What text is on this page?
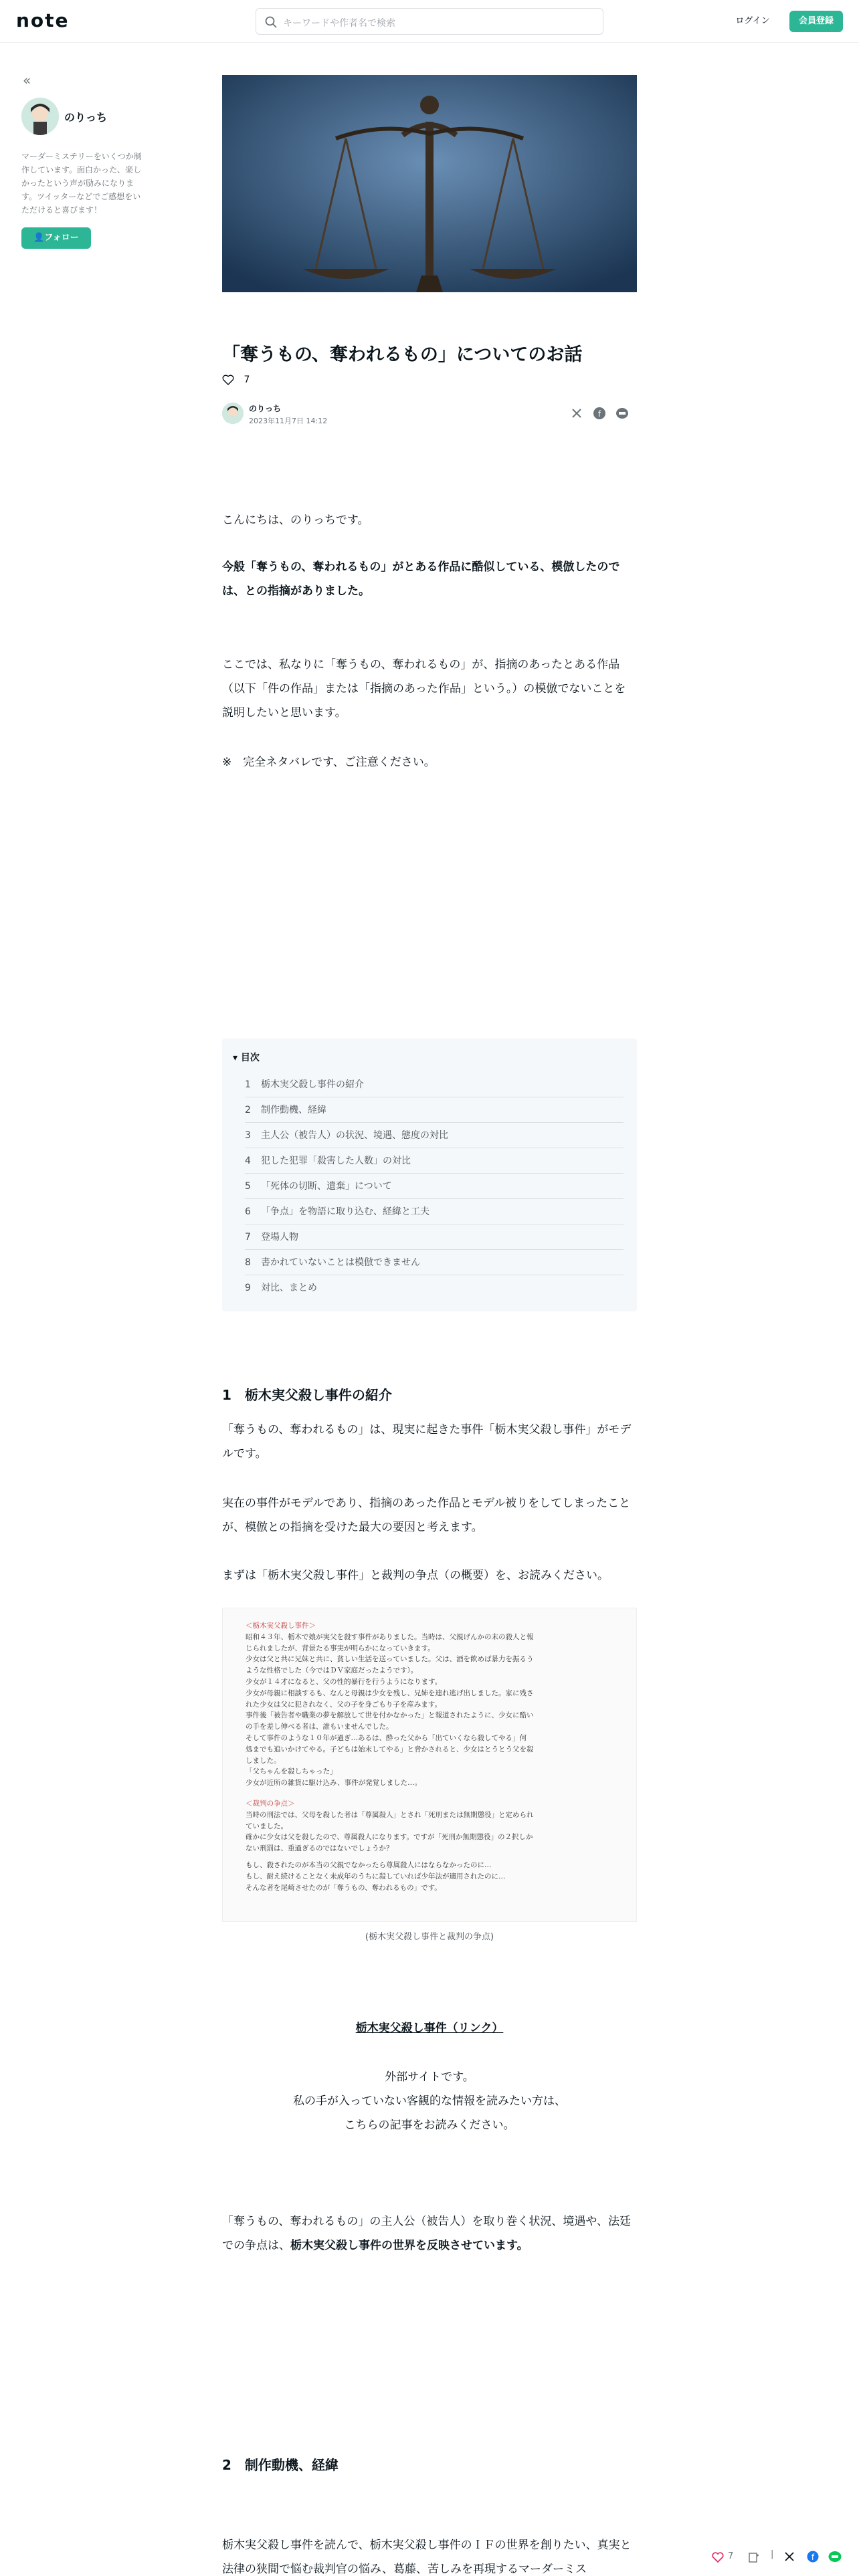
note	キーワードや作者名で検索	ログイン	会員登録
«
のりっち
マーダーミステリーをいくつか制作しています。面白かった、楽しかったという声が励みになります。ツイッターなどでご感想をいただけると喜びます！
👤フォロー
「奪うもの、奪われるもの」についてのお話
7
のりっち
2023年11月7日 14:12
f

こんにちは、のりっちです。

今般「奪うもの、奪われるもの」がとある作品に酷似している、模倣したのでは、との指摘がありました。

ここでは、私なりに「奪うもの、奪われるもの」が、指摘のあったとある作品（以下「件の作品」または「指摘のあった作品」という。）の模倣でないことを説明したいと思います。

※　完全ネタバレです、ご注意ください。

▾ 目次
1 栃木実父殺し事件の紹介
2 制作動機、経緯
3 主人公（被告人）の状況、境遇、態度の対比
4 犯した犯罪「殺害した人数」の対比
5 「死体の切断、遺棄」について
6 「争点」を物語に取り込む、経緯と工夫
7 登場人物
8 書かれていないことは模倣できません
9 対比、まとめ
1　栃木実父殺し事件の紹介

「奪うもの、奪われるもの」は、現実に起きた事件「栃木実父殺し事件」がモデルです。

実在の事件がモデルであり、指摘のあった作品とモデル被りをしてしまったことが、模倣との指摘を受けた最大の要因と考えます。

まずは「栃木実父殺し事件」と裁判の争点（の概要）を、お読みください。

＜栃木実父殺し事件＞
昭和４３年、栃木で娘が実父を殺す事件がありました。当時は、父親げんかの末の殺人と報
じられましたが、背景たる事実が明らかになっていきます。
少女は父と共に兄妹と共に、貧しい生活を送っていました。父は、酒を飲めば暴力を振るう
ような性格でした（今ではＤＶ家庭だったようです）。
少女が１４才になると、父の性的暴行を行うようになります。
少女が母親に相談するも、なんと母親は少女を残し、兄姉を連れ逃げ出しました。家に残さ
れた少女は父に犯されなく、父の子を身ごもり子を産みます。
事件後「被告者や職業の夢を解放して世を付かなかった」と報道されたように、少女に酷い
の手を差し伸べる者は、誰もいませんでした。
そして事件のような１０年が過ぎ…あるは、酔った父から「出ていくなら殺してやる」何
処までも追いかけてやる。子どもは始末してやる」と脅かされると、少女はとうとう父を殺
しました。
「父ちゃんを殺しちゃった」
少女が近所の雑貨に駆け込み、事件が発覚しました…。
＜裁判の争点＞
当時の刑法では、父母を殺した者は「尊属殺人」とされ「死刑または無期懲役」と定められ
ていました。
確かに少女は父を殺したので、尊属殺人になります。ですが「死刑か無期懲役」の２択しか
ない刑罰は、重過ぎるのではないでしょうか？
もし、殺されたのが本当の父親でなかったら尊属殺人にはならなかったのに…
もし、耐え続けることなく未成年のうちに殺していれば少年法が適用されたのに…
そんな者を尾崎させたのが「奪うもの、奪われるもの」です。
(栃木実父殺し事件と裁判の争点)
栃木実父殺し事件（リンク）

外部サイトです。

私の手が入っていない客観的な情報を読みたい方は、

こちらの記事をお読みください。

「奪うもの、奪われるもの」の主人公（被告人）を取り巻く状況、境遇や、法廷での争点は、栃木実父殺し事件の世界を反映させています。

2　制作動機、経緯

栃木実父殺し事件を読んで、栃木実父殺し事件のＩＦの世界を創りたい、真実と法律の狭間で悩む裁判官の悩み、葛藤、苦しみを再現するマーダーミス

7	|	f
